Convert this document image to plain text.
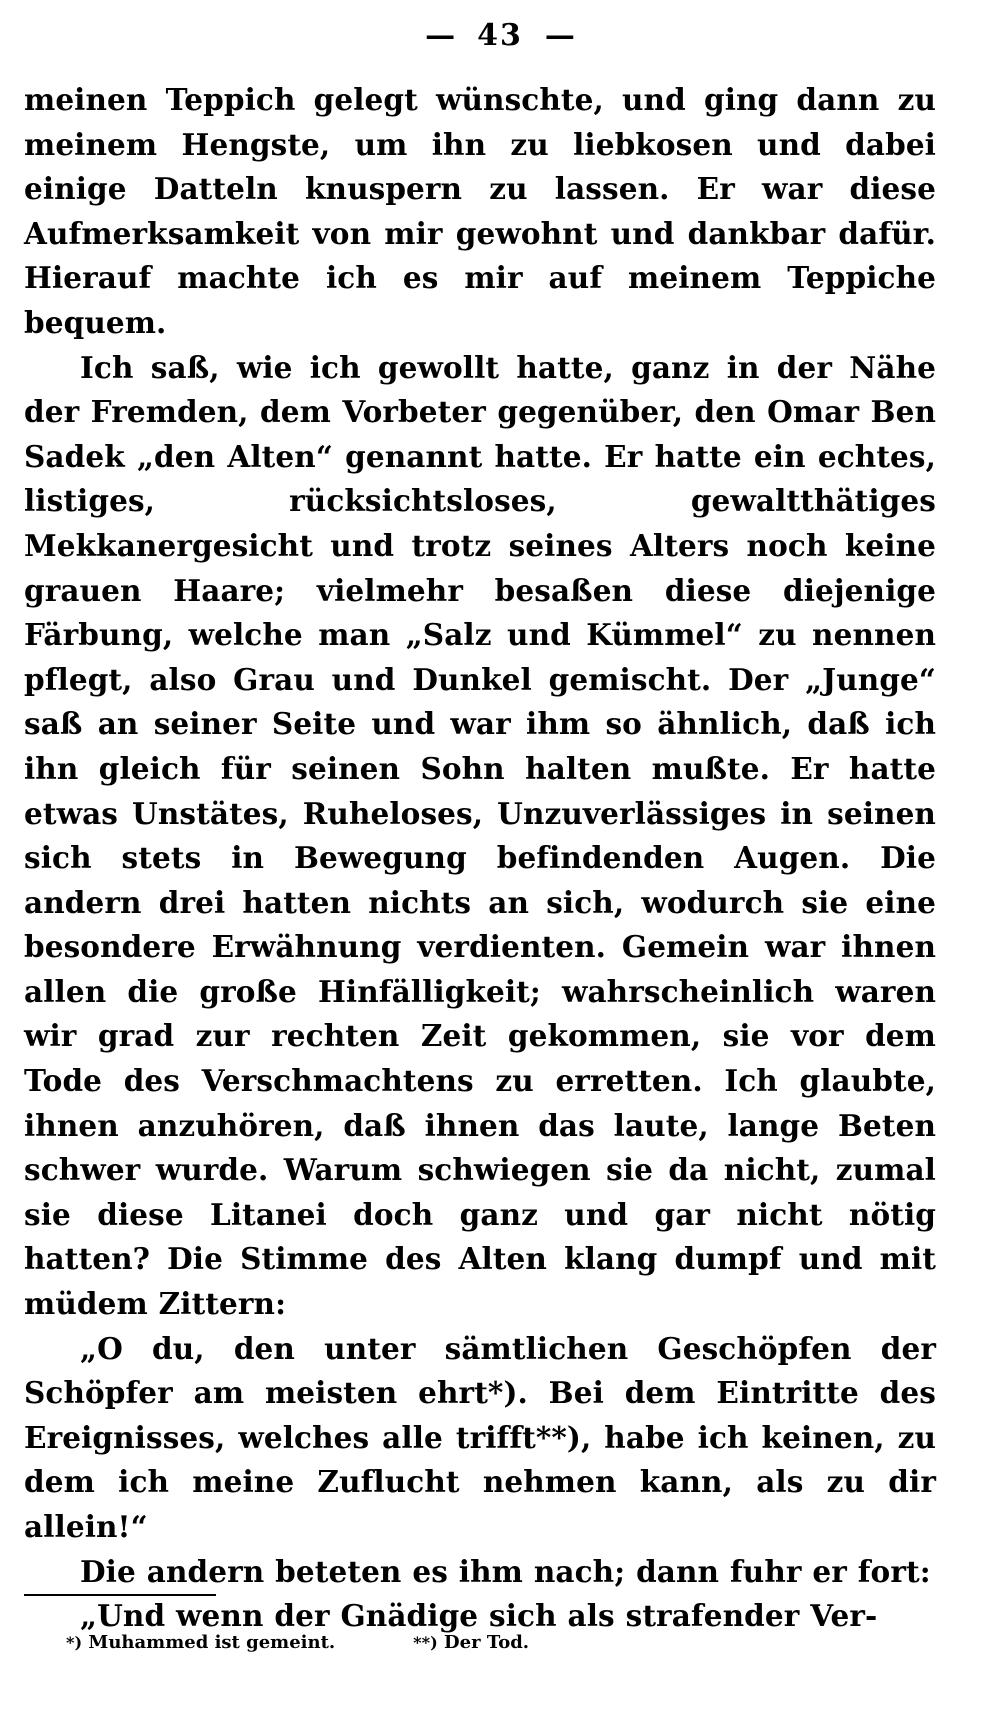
— 43 —

meinen Teppich gelegt wünschte, und ging dann zu meinem Hengste, um ihn zu liebkosen und dabei einige Datteln knuspern zu lassen. Er war diese Aufmerksamkeit von mir gewohnt und dankbar dafür. Hierauf machte ich es mir auf meinem Teppiche bequem.

Ich saß, wie ich gewollt hatte, ganz in der Nähe der Fremden, dem Vorbeter gegenüber, den Omar Ben Sadek „den Alten“ genannt hatte. Er hatte ein echtes, listiges, rücksichtsloses, gewaltthätiges Mekkanergesicht und trotz seines Alters noch keine grauen Haare; vielmehr besaßen diese diejenige Färbung, welche man „Salz und Kümmel“ zu nennen pflegt, also Grau und Dunkel gemischt. Der „Junge“ saß an seiner Seite und war ihm so ähnlich, daß ich ihn gleich für seinen Sohn halten mußte. Er hatte etwas Unstätes, Ruheloses, Unzuverlässiges in seinen sich stets in Bewegung befindenden Augen. Die andern drei hatten nichts an sich, wodurch sie eine besondere Erwähnung verdienten. Gemein war ihnen allen die große Hinfälligkeit; wahrscheinlich waren wir grad zur rechten Zeit gekommen, sie vor dem Tode des Verschmachtens zu erretten. Ich glaubte, ihnen anzuhören, daß ihnen das laute, lange Beten schwer wurde. Warum schwiegen sie da nicht, zumal sie diese Litanei doch ganz und gar nicht nötig hatten? Die Stimme des Alten klang dumpf und mit müdem Zittern:

„O du, den unter sämtlichen Geschöpfen der Schöpfer am meisten ehrt*). Bei dem Eintritte des Ereignisses, welches alle trifft**), habe ich keinen, zu dem ich meine Zuflucht nehmen kann, als zu dir allein!“

Die andern beteten es ihm nach; dann fuhr er fort:

„Und wenn der Gnädige sich als strafender Ver-

*) Muhammed ist gemeint.	**) Der Tod.
